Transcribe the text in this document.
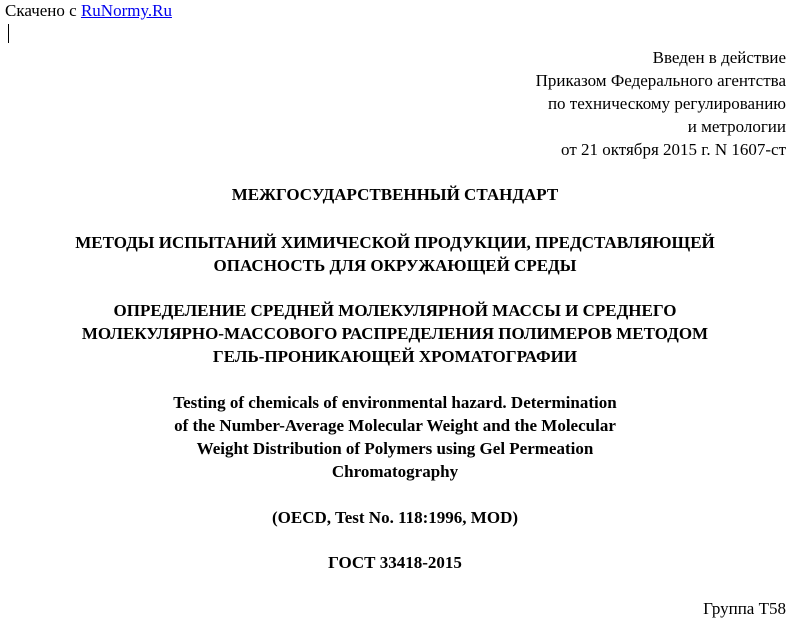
Скачено с RuNormy.Ru
Введен в действие
Приказом Федерального агентства
по техническому регулированию
и метрологии
от 21 октября 2015 г. N 1607-ст
МЕЖГОСУДАРСТВЕННЫЙ СТАНДАРТ
МЕТОДЫ ИСПЫТАНИЙ ХИМИЧЕСКОЙ ПРОДУКЦИИ, ПРЕДСТАВЛЯЮЩЕЙ
ОПАСНОСТЬ ДЛЯ ОКРУЖАЮЩЕЙ СРЕДЫ
ОПРЕДЕЛЕНИЕ СРЕДНЕЙ МОЛЕКУЛЯРНОЙ МАССЫ И СРЕДНЕГО
МОЛЕКУЛЯРНО-МАССОВОГО РАСПРЕДЕЛЕНИЯ ПОЛИМЕРОВ МЕТОДОМ
ГЕЛЬ-ПРОНИКАЮЩЕЙ ХРОМАТОГРАФИИ
Testing of chemicals of environmental hazard. Determination
of the Number-Average Molecular Weight and the Molecular
Weight Distribution of Polymers using Gel Permeation
Chromatography
(OECD, Test No. 118:1996, MOD)
ГОСТ 33418-2015
Группа T58
